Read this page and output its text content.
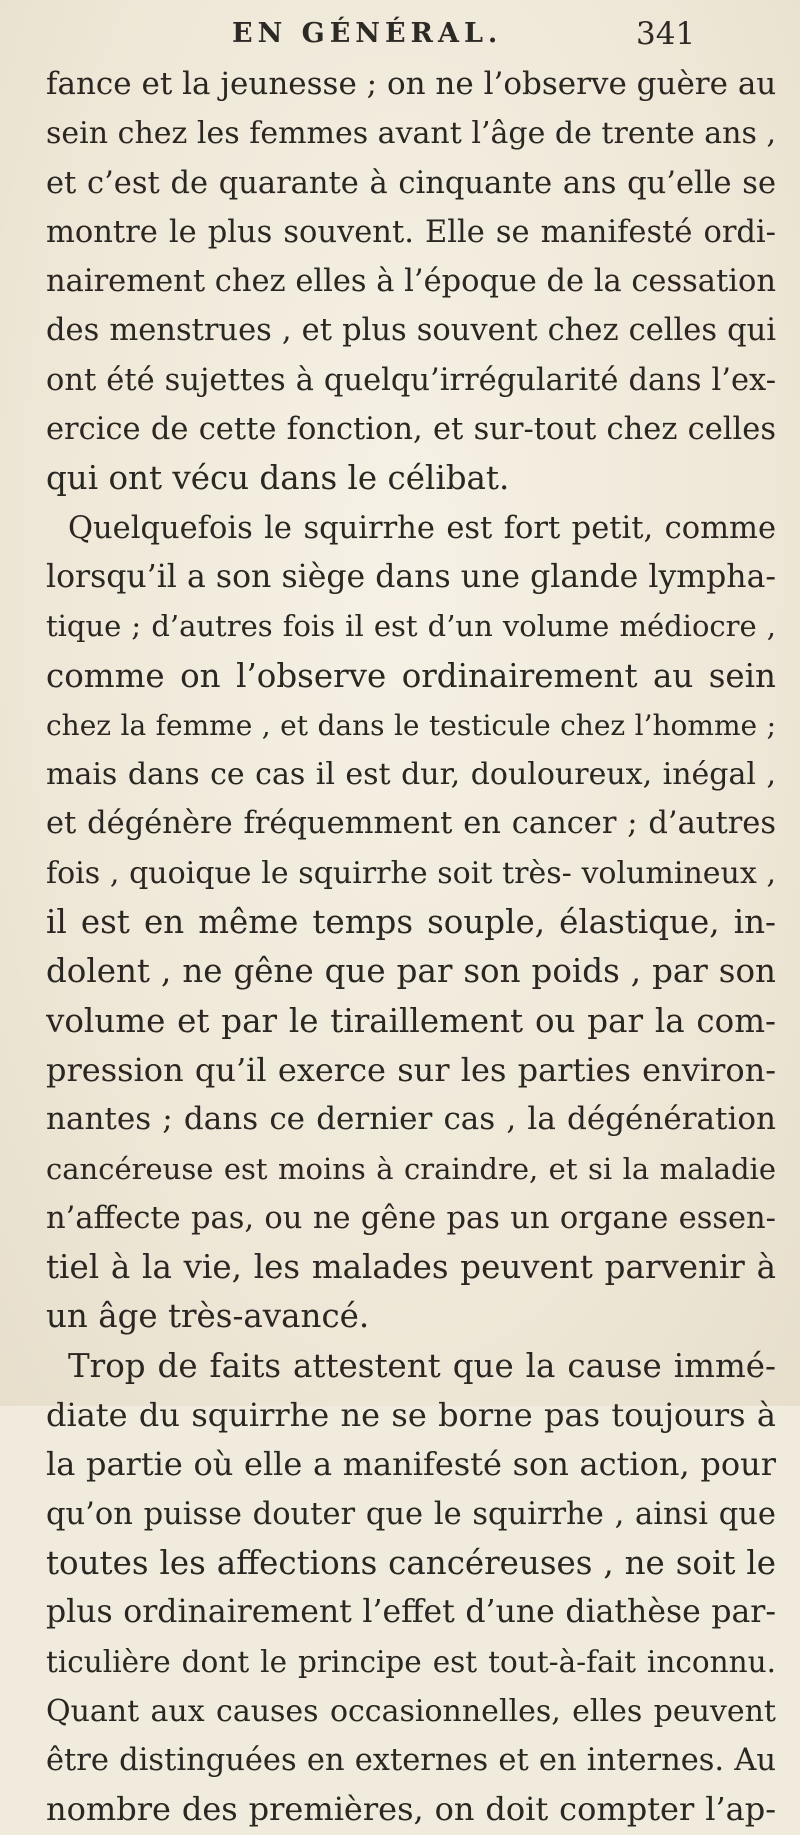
EN GÉNÉRAL.	341
fance et la jeunesse ; on ne l’observe guère au
sein chez les femmes avant l’âge de trente ans ,
et c’est de quarante à cinquante ans qu’elle se
montre le plus souvent. Elle se manifesté ordi-
nairement chez elles à l’époque de la cessation
des menstrues , et plus souvent chez celles qui
ont été sujettes à quelqu’irrégularité dans l’ex-
ercice de cette fonction, et sur-tout chez celles
qui ont vécu dans le célibat.
Quelquefois le squirrhe est fort petit, comme
lorsqu’il a son siège dans une glande lympha-
tique ; d’autres fois il est d’un volume médiocre ,
comme on l’observe ordinairement au sein
chez la femme , et dans le testicule chez l’homme ;
mais dans ce cas il est dur, douloureux, inégal ,
et dégénère fréquemment en cancer ; d’autres
fois , quoique le squirrhe soit très- volumineux ,
il est en même temps souple, élastique, in-
dolent , ne gêne que par son poids , par son
volume et par le tiraillement ou par la com-
pression qu’il exerce sur les parties environ-
nantes ; dans ce dernier cas , la dégénération
cancéreuse est moins à craindre, et si la maladie
n’affecte pas, ou ne gêne pas un organe essen-
tiel à la vie, les malades peuvent parvenir à
un âge très-avancé.
Trop de faits attestent que la cause immé-
diate du squirrhe ne se borne pas toujours à
la partie où elle a manifesté son action, pour
qu’on puisse douter que le squirrhe , ainsi que
toutes les affections cancéreuses , ne soit le
plus ordinairement l’effet d’une diathèse par-
ticulière dont le principe est tout-à-fait inconnu.
Quant aux causes occasionnelles, elles peuvent
être distinguées en externes et en internes. Au
nombre des premières, on doit compter l’ap-
